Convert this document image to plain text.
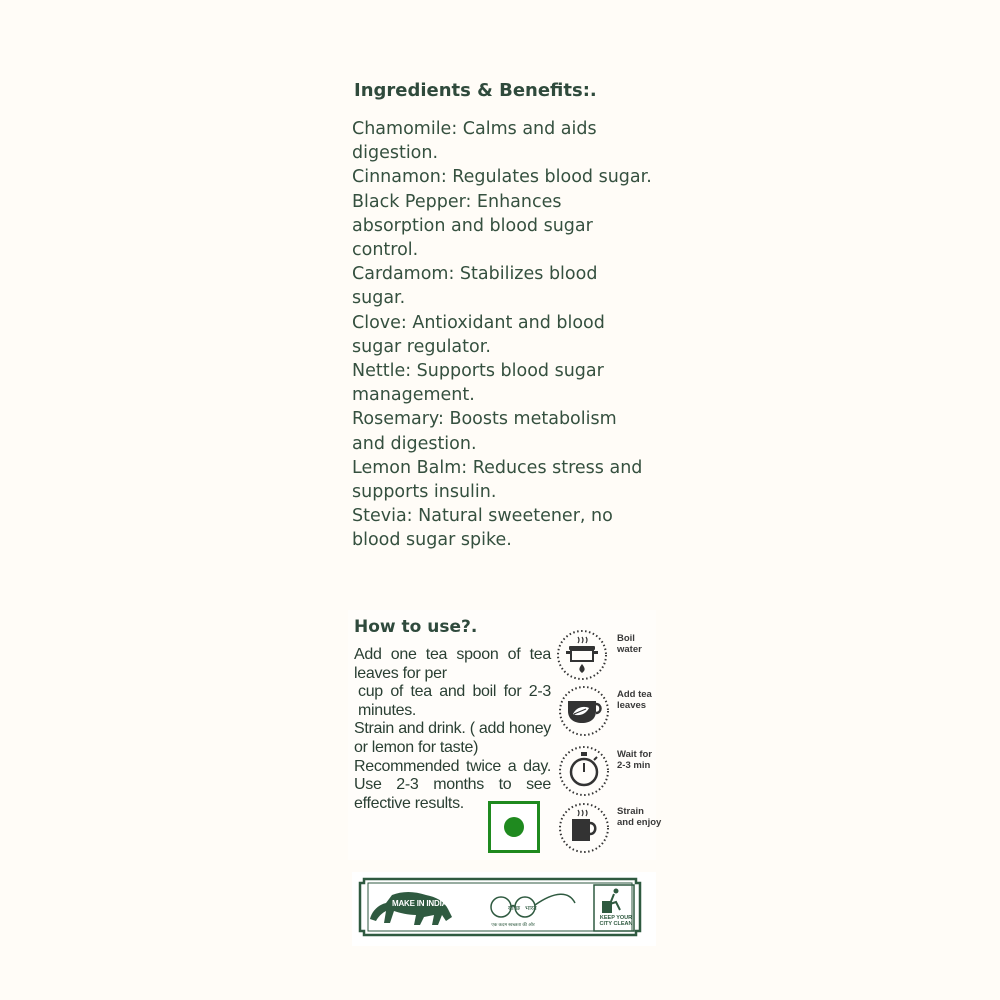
Ingredients & Benefits:.
Chamomile: Calms and aids digestion.
Cinnamon: Regulates blood sugar.
Black Pepper: Enhances absorption and blood sugar control.
Cardamom: Stabilizes blood sugar.
Clove: Antioxidant and blood sugar regulator.
Nettle: Supports blood sugar management.
Rosemary: Boosts metabolism and digestion.
Lemon Balm: Reduces stress and supports insulin.
Stevia: Natural sweetener, no blood sugar spike.
How to use?.
Add one tea spoon of tea leaves for per
cup of tea and boil for 2-3 minutes.
Strain and drink. ( add honey or lemon for taste)
Recommended twice a day. Use 2-3 months to see effective results.
Boil water
Add tea leaves
Wait for 2-3 min
Strain and enjoy
MAKE IN INDIA
स्वच्छ भारत
एक कदम स्वच्छता की ओर
KEEP YOUR CITY CLEAN
